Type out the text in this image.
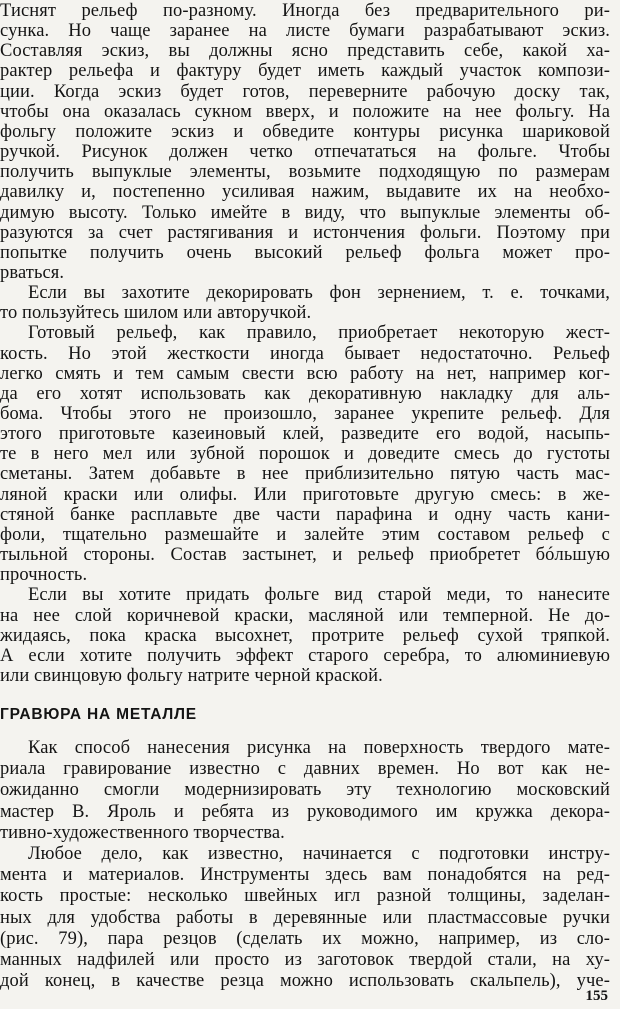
Тиснят рельеф по-разному. Иногда без предварительного ри-
сунка. Но чаще заранее на листе бумаги разрабатывают эскиз.
Составляя эскиз, вы должны ясно представить себе, какой ха-
рактер рельефа и фактуру будет иметь каждый участок компози-
ции. Когда эскиз будет готов, переверните рабочую доску так,
чтобы она оказалась сукном вверх, и положите на нее фольгу. На
фольгу положите эскиз и обведите контуры рисунка шариковой
ручкой. Рисунок должен четко отпечататься на фольге. Чтобы
получить выпуклые элементы, возьмите подходящую по размерам
давилку и, постепенно усиливая нажим, выдавите их на необхо-
димую высоту. Только имейте в виду, что выпуклые элементы об-
разуются за счет растягивания и истончения фольги. Поэтому при
попытке получить очень высокий рельеф фольга может про-
рваться.
Если вы захотите декорировать фон зернением, т. е. точками,
то пользуйтесь шилом или авторучкой.
Готовый рельеф, как правило, приобретает некоторую жест-
кость. Но этой жесткости иногда бывает недостаточно. Рельеф
легко смять и тем самым свести всю работу на нет, например ког-
да его хотят использовать как декоративную накладку для аль-
бома. Чтобы этого не произошло, заранее укрепите рельеф. Для
этого приготовьте казеиновый клей, разведите его водой, насыпь-
те в него мел или зубной порошок и доведите смесь до густоты
сметаны. Затем добавьте в нее приблизительно пятую часть мас-
ляной краски или олифы. Или приготовьте другую смесь: в же-
стяной банке расплавьте две части парафина и одну часть кани-
фоли, тщательно размешайте и залейте этим составом рельеф с
тыльной стороны. Состав застынет, и рельеф приобретет бóльшую
прочность.
Если вы хотите придать фольге вид старой меди, то нанесите
на нее слой коричневой краски, масляной или темперной. Не до-
жидаясь, пока краска высохнет, протрите рельеф сухой тряпкой.
А если хотите получить эффект старого серебра, то алюминиевую
или свинцовую фольгу натрите черной краской.
ГРАВЮРА НА МЕТАЛЛЕ
Как способ нанесения рисунка на поверхность твердого мате-
риала гравирование известно с давних времен. Но вот как не-
ожиданно смогли модернизировать эту технологию московский
мастер В. Яроль и ребята из руководимого им кружка декора-
тивно-художественного творчества.
Любое дело, как известно, начинается с подготовки инстру-
мента и материалов. Инструменты здесь вам понадобятся на ред-
кость простые: несколько швейных игл разной толщины, заделан-
ных для удобства работы в деревянные или пластмассовые ручки
(рис. 79), пара резцов (сделать их можно, например, из сло-
манных надфилей или просто из заготовок твердой стали, на ху-
дой конец, в качестве резца можно использовать скальпель), уче-
155
